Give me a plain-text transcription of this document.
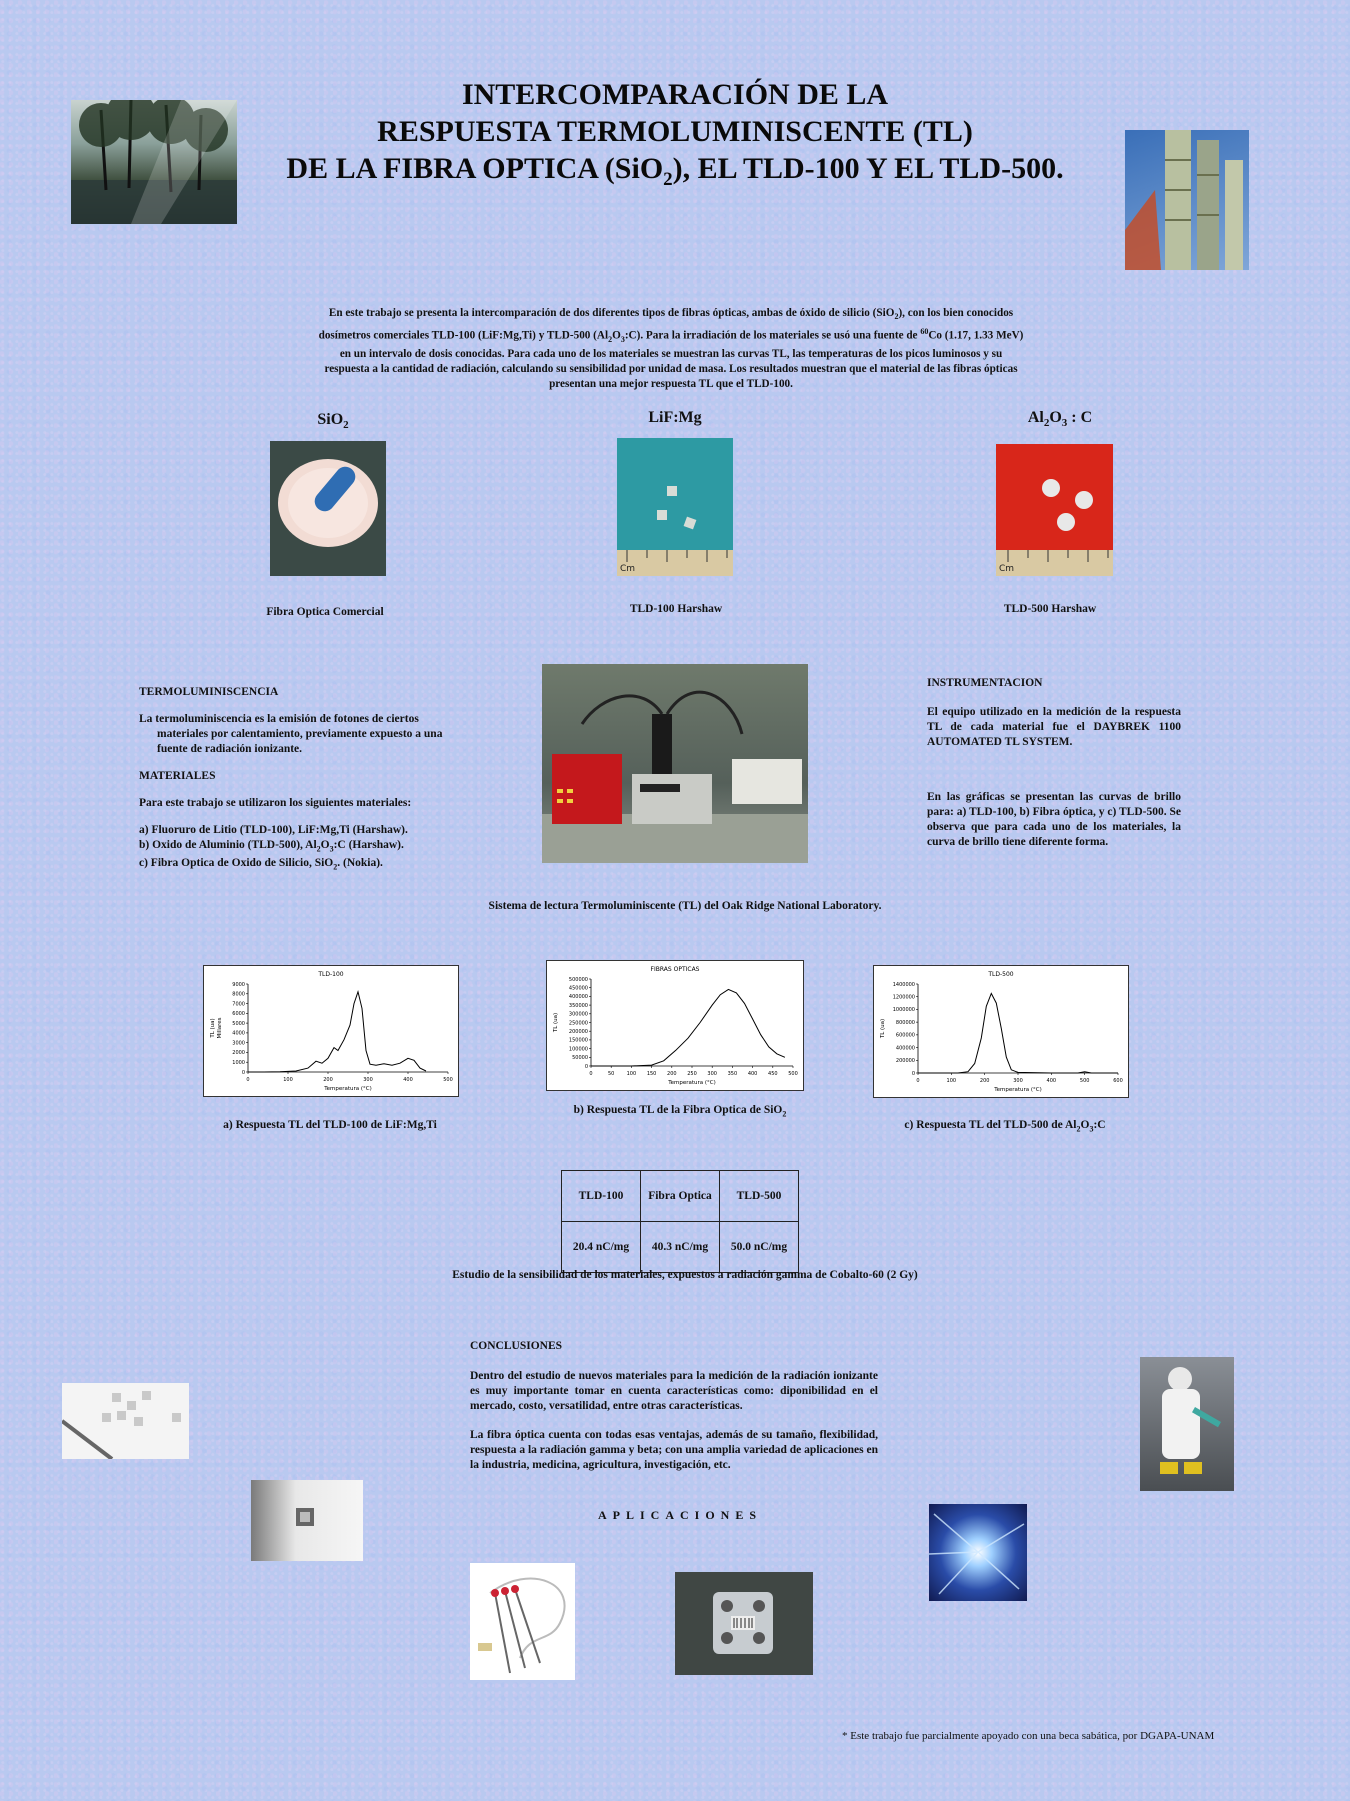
INTERCOMPARACIÓN DE LA
RESPUESTA TERMOLUMINISCENTE (TL)
DE LA FIBRA OPTICA (SiO$_2$), EL TLD-100 Y EL TLD-500.
En este trabajo se presenta la intercomparación de dos diferentes tipos de fibras ópticas, ambas de óxido de silicio (SiO$_2$), con los bien conocidos dosímetros comerciales TLD-100 (LiF:Mg,Ti) y TLD-500 $(Al_2O_3:C)$. Para la irradiación de los materiales se usó una fuente de $^{60}$Co (1.17, 1.33 MeV) en un intervalo de dosis conocidas. Para cada uno de los materiales se muestran las curvas TL, las temperaturas de los picos luminosos y su respuesta a la cantidad de radiación, calculando su sensibilidad por unidad de masa. Los resultados muestran que el material de las fibras ópticas presentan una mejor respuesta TL que el TLD-100.
SiO$_2$	LiF:Mg	$Al_2O_3$ : C
Cm	Cm
Fibra Optica Comercial	TLD-100 Harshaw	TLD-500 Harshaw

TERMOLUMINISCENCIA

La termoluminiscencia es la emisión de fotones de ciertos materiales por calentamiento, previamente expuesto a una fuente de radiación ionizante.

MATERIALES

Para este trabajo se utilizaron los siguientes materiales:

a) Fluoruro de Litio (TLD-100), LiF:Mg,Ti (Harshaw).
b) Oxido de Aluminio (TLD-500), $Al_2O_3:C$ (Harshaw).
c) Fibra Optica de Oxido de Silicio, SiO$_2$. (Nokia).
Sistema de lectura Termoluminiscente (TL) del Oak Ridge National Laboratory.

INSTRUMENTACION

El equipo utilizado en la medición de la respuesta TL de cada material fue el DAYBREK 1100 AUTOMATED TL SYSTEM.

En las gráficas se presentan las curvas de brillo para: a) TLD-100, b) Fibra óptica, y c) TLD-500. Se observa que para cada uno de los materiales, la curva de brillo tiene diferente forma.

TLD-100
0	100	200	300	400	500
0
1000
2000
3000
4000
5000
6000
7000
8000
9000
Temperatura (°C)
TL (ua) Millares
FIBRAS OPTICAS
0	50 100 150 200 250 300 350 400 450 500
0
50000
100000
150000
200000
250000
300000
350000
400000
450000
500000
Temperatura (°C)
TL (ua)
TLD-500
0	100	200	300	400	500	600
0
200000
400000
600000
800000
1000000
1200000
1400000
Temperatura (°C)
TL (ua)
a) Respuesta TL del TLD-100 de LiF:Mg,Ti
b) Respuesta TL de la Fibra Optica de SiO$_2$
c) Respuesta TL del TLD-500 de $Al_2O_3:C$
TLD-100	Fibra Optica	TLD-500
20.4 nC/mg	40.3 nC/mg	50.0 nC/mg
Estudio de la sensibilidad de los materiales, expuestos a radiación gamma de Cobalto-60 (2 Gy)

CONCLUSIONES

Dentro del estudio de nuevos materiales para la medición de la radiación ionizante es muy importante tomar en cuenta características como: diponibilidad en el mercado, costo, versatilidad, entre otras características.

La fibra óptica cuenta con todas esas ventajas, además de su tamaño, flexibilidad, respuesta a la radiación gamma y beta; con una amplia variedad de aplicaciones en la industria, medicina, agricultura, investigación, etc.

APLICACIONES
* Este trabajo fue parcialmente apoyado con una beca sabática, por DGAPA-UNAM
